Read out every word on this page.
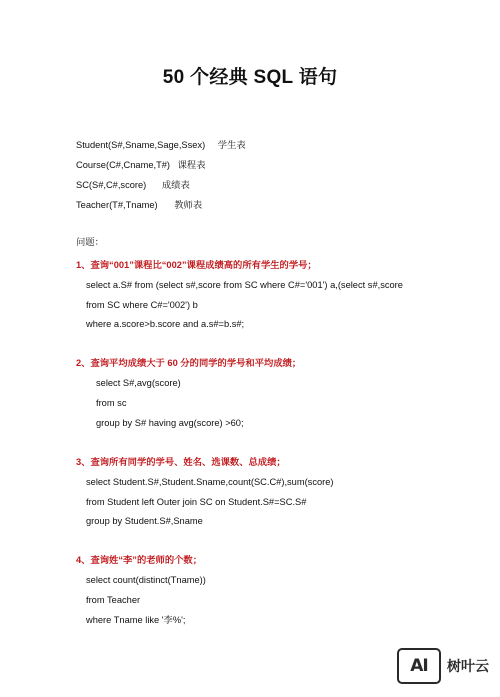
50 个经典 SQL 语句
Student(S#,Sname,Sage,Ssex) 学生表
Course(C#,Cname,T#) 课程表
SC(S#,C#,score) 成绩表
Teacher(T#,Tname) 教师表
问题：
1、查询“001”课程比“002”课程成绩高的所有学生的学号；
select a.S# from (select s#,score from SC where C#='001') a,(select s#,score
from SC where C#='002') b
where a.score>b.score and a.s#=b.s#;
2、查询平均成绩大于 60 分的同学的学号和平均成绩；
select S#,avg(score)
from sc
group by S# having avg(score) >60;
3、查询所有同学的学号、姓名、选课数、总成绩；
select Student.S#,Student.Sname,count(SC.C#),sum(score)
from Student left Outer join SC on Student.S#=SC.S#
group by Student.S#,Sname
4、查询姓“李”的老师的个数；
select count(distinct(Tname))
from Teacher
where Tname like '李%';
AI	树叶云
